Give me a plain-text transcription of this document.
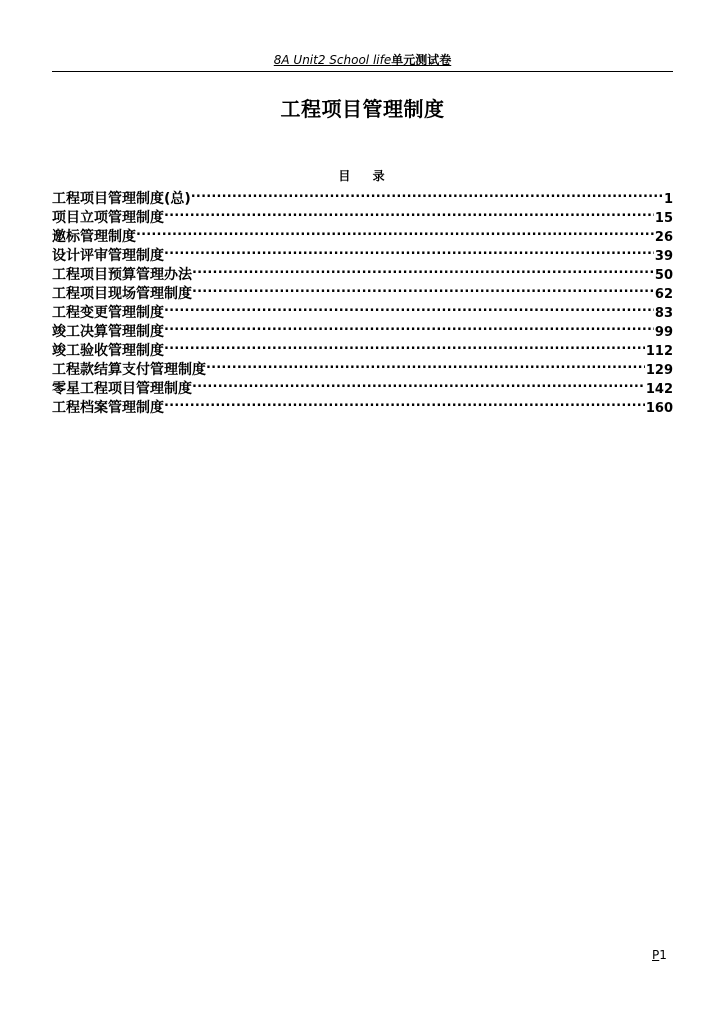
8A Unit2 School life单元测试卷
工程项目管理制度
目 录
工程项目管理制度(总) .....	1
项目立项管理制度 .....	15
邀标管理制度 .....	26
设计评审管理制度 .....	39
工程项目预算管理办法 .....	50
工程项目现场管理制度 .....	62
工程变更管理制度 .....	83
竣工决算管理制度 .....	99
竣工验收管理制度 .....	112
工程款结算支付管理制度 .....	129
零星工程项目管理制度 .....	142
工程档案管理制度 .....	160
P1
